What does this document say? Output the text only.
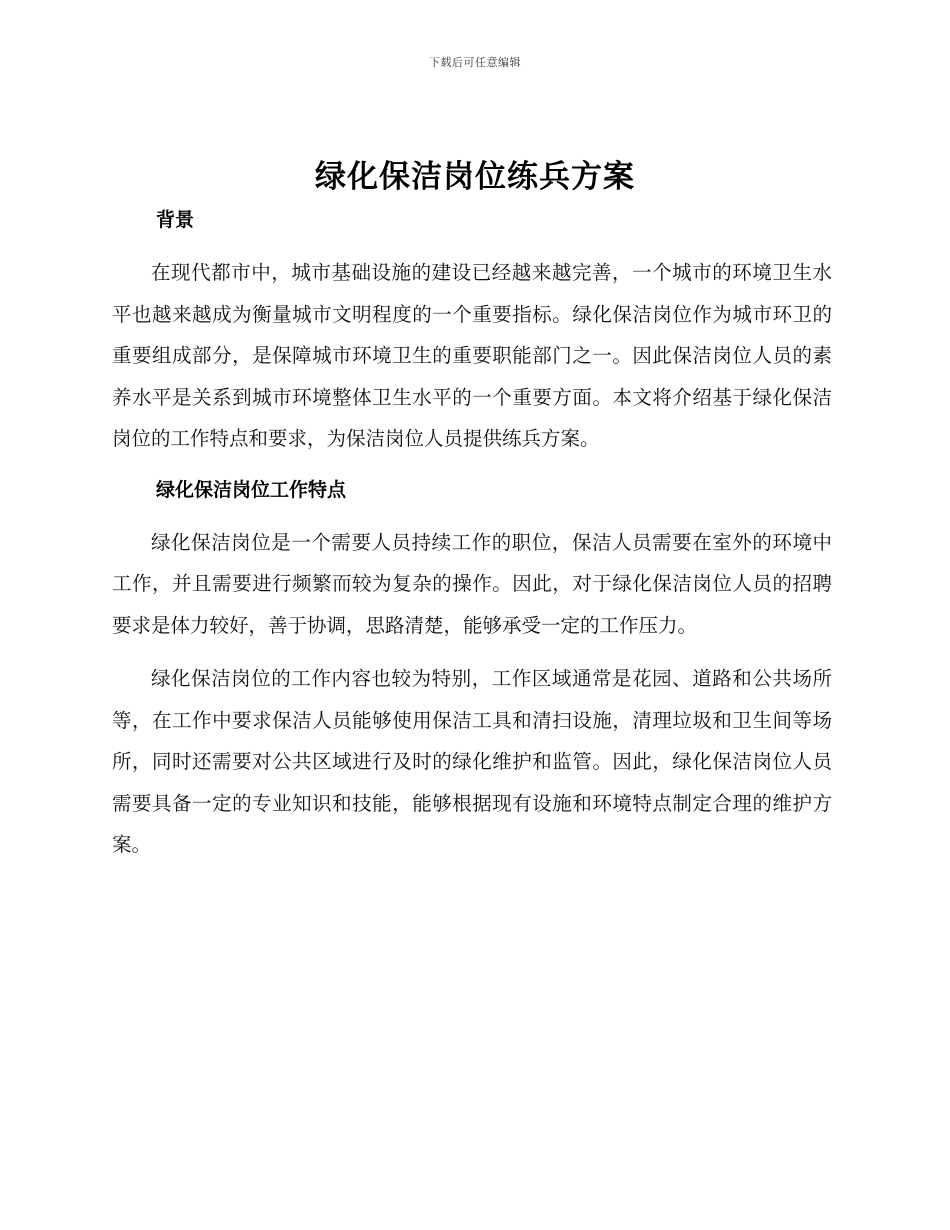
下载后可任意编辑
绿化保洁岗位练兵方案
背景

在现代都市中，城市基础设施的建设已经越来越完善，一个城市的环境卫生水平也越来越成为衡量城市文明程度的一个重要指标。绿化保洁岗位作为城市环卫的重要组成部分，是保障城市环境卫生的重要职能部门之一。因此保洁岗位人员的素养水平是关系到城市环境整体卫生水平的一个重要方面。本文将介绍基于绿化保洁岗位的工作特点和要求，为保洁岗位人员提供练兵方案。

绿化保洁岗位工作特点

绿化保洁岗位是一个需要人员持续工作的职位，保洁人员需要在室外的环境中工作，并且需要进行频繁而较为复杂的操作。因此，对于绿化保洁岗位人员的招聘要求是体力较好，善于协调，思路清楚，能够承受一定的工作压力。

绿化保洁岗位的工作内容也较为特别，工作区域通常是花园、道路和公共场所等，在工作中要求保洁人员能够使用保洁工具和清扫设施，清理垃圾和卫生间等场所，同时还需要对公共区域进行及时的绿化维护和监管。因此，绿化保洁岗位人员需要具备一定的专业知识和技能，能够根据现有设施和环境特点制定合理的维护方案。
